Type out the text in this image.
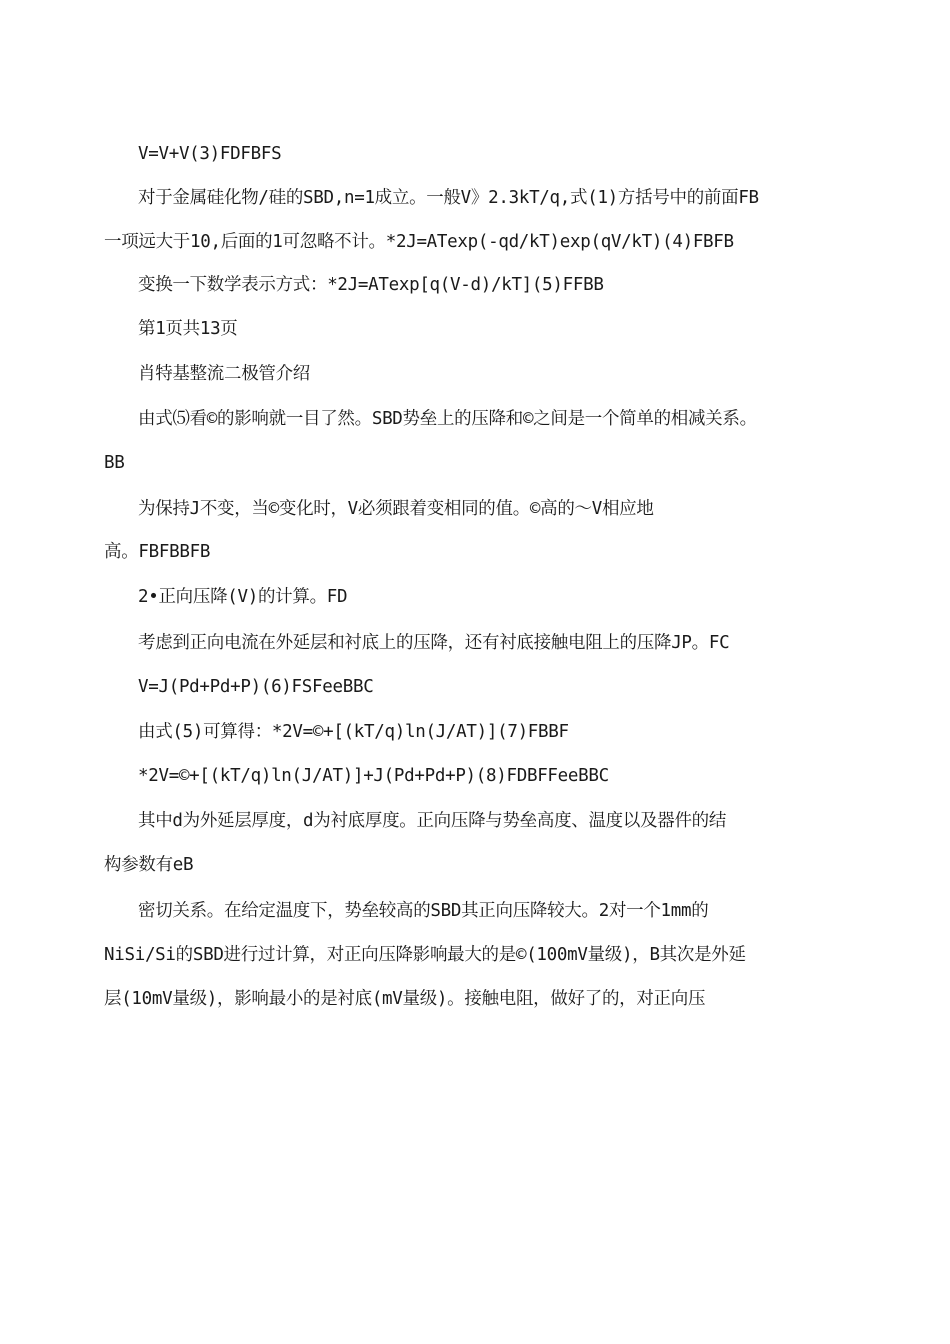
V=V+V(3)FDFBFS
对于金属硅化物/硅的SBD,n=1成立。一般V》2.3kT/q,式(1)方括号中的前面FB
一项远大于10,后面的1可忽略不计。*2J=ATexp(-qd/kT)exp(qV/kT)(4)FBFB
变换一下数学表示方式：*2J=ATexp[q(V-d)/kT](5)FFBB
第1页共13页
肖特基整流二极管介绍
由式⑸看©的影响就一目了然。SBD势垒上的压降和©之间是一个简单的相减关系。
BB
为保持J不变，当©变化时，V必须跟着变相同的值。©高的〜V相应地
高。FBFBBFB
2•正向压降(V)的计算。FD
考虑到正向电流在外延层和衬底上的压降，还有衬底接触电阻上的压降JP。FC
V=J(Pd+Pd+P)(6)FSFeeBBC
由式(5)可算得：*2V=©+[(kT/q)ln(J/AT)](7)FBBF
*2V=©+[(kT/q)ln(J/AT)]+J(Pd+Pd+P)(8)FDBFFeeBBC
其中d为外延层厚度，d为衬底厚度。正向压降与势垒高度、温度以及器件的结
构参数有eB
密切关系。在给定温度下，势垒较高的SBD其正向压降较大。2对一个1mm的
NiSi/Si的SBD进行过计算，对正向压降影响最大的是©(100mV量级)，B其次是外延
层(10mV量级)，影响最小的是衬底(mV量级)。接触电阻，做好了的，对正向压
